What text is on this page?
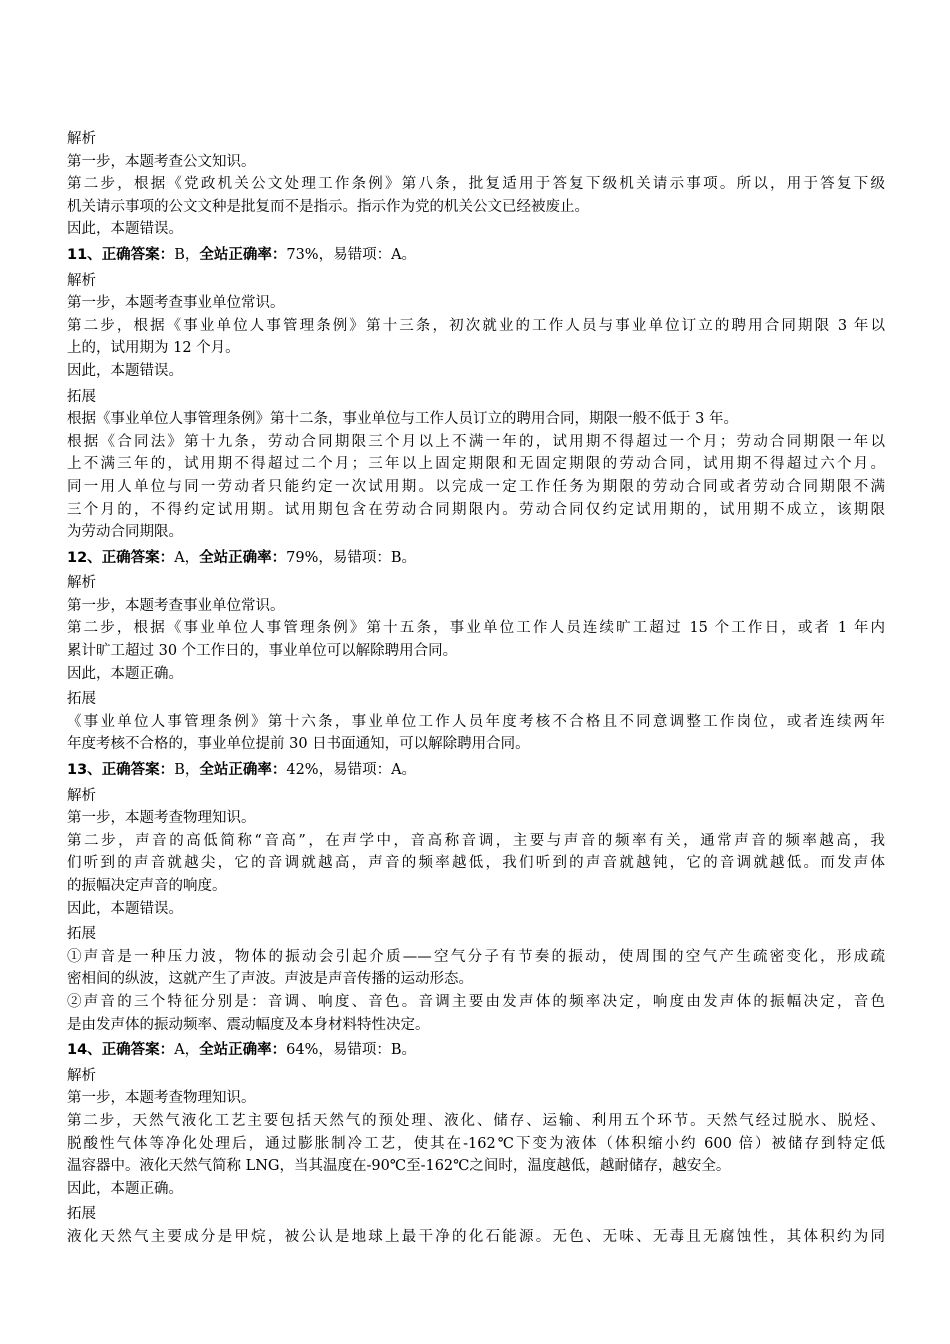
解析
第一步，本题考查公文知识。
第二步，根据《党政机关公文处理工作条例》第八条，批复适用于答复下级机关请示事项。所以，用于答复下级
机关请示事项的公文文种是批复而不是指示。指示作为党的机关公文已经被废止。
因此，本题错误。
11、正确答案：B，全站正确率：73%，易错项：A。
解析
第一步，本题考查事业单位常识。
第二步，根据《事业单位人事管理条例》第十三条，初次就业的工作人员与事业单位订立的聘用合同期限 3 年以
上的，试用期为 12 个月。
因此，本题错误。
拓展
根据《事业单位人事管理条例》第十二条，事业单位与工作人员订立的聘用合同，期限一般不低于 3 年。
根据《合同法》第十九条，劳动合同期限三个月以上不满一年的，试用期不得超过一个月；劳动合同期限一年以
上不满三年的，试用期不得超过二个月；三年以上固定期限和无固定期限的劳动合同，试用期不得超过六个月。
同一用人单位与同一劳动者只能约定一次试用期。以完成一定工作任务为期限的劳动合同或者劳动合同期限不满
三个月的，不得约定试用期。试用期包含在劳动合同期限内。劳动合同仅约定试用期的，试用期不成立，该期限
为劳动合同期限。
12、正确答案：A，全站正确率：79%，易错项：B。
解析
第一步，本题考查事业单位常识。
第二步，根据《事业单位人事管理条例》第十五条，事业单位工作人员连续旷工超过 15 个工作日，或者 1 年内
累计旷工超过 30 个工作日的，事业单位可以解除聘用合同。
因此，本题正确。
拓展
《事业单位人事管理条例》第十六条，事业单位工作人员年度考核不合格且不同意调整工作岗位，或者连续两年
年度考核不合格的，事业单位提前 30 日书面通知，可以解除聘用合同。
13、正确答案：B，全站正确率：42%，易错项：A。
解析
第一步，本题考查物理知识。
第二步，声音的高低简称“音高”，在声学中，音高称音调，主要与声音的频率有关，通常声音的频率越高，我
们听到的声音就越尖，它的音调就越高，声音的频率越低，我们听到的声音就越钝，它的音调就越低。而发声体
的振幅决定声音的响度。
因此，本题错误。
拓展
①声音是一种压力波，物体的振动会引起介质——空气分子有节奏的振动，使周围的空气产生疏密变化，形成疏
密相间的纵波，这就产生了声波。声波是声音传播的运动形态。
②声音的三个特征分别是：音调、响度、音色。音调主要由发声体的频率决定，响度由发声体的振幅决定，音色
是由发声体的振动频率、震动幅度及本身材料特性决定。
14、正确答案：A，全站正确率：64%，易错项：B。
解析
第一步，本题考查物理知识。
第二步，天然气液化工艺主要包括天然气的预处理、液化、储存、运输、利用五个环节。天然气经过脱水、脱烃、
脱酸性气体等净化处理后，通过膨胀制冷工艺，使其在-162℃下变为液体（体积缩小约 600 倍）被储存到特定低
温容器中。液化天然气简称 LNG，当其温度在-90℃至-162℃之间时，温度越低，越耐储存，越安全。
因此，本题正确。
拓展
液化天然气主要成分是甲烷，被公认是地球上最干净的化石能源。无色、无味、无毒且无腐蚀性，其体积约为同
